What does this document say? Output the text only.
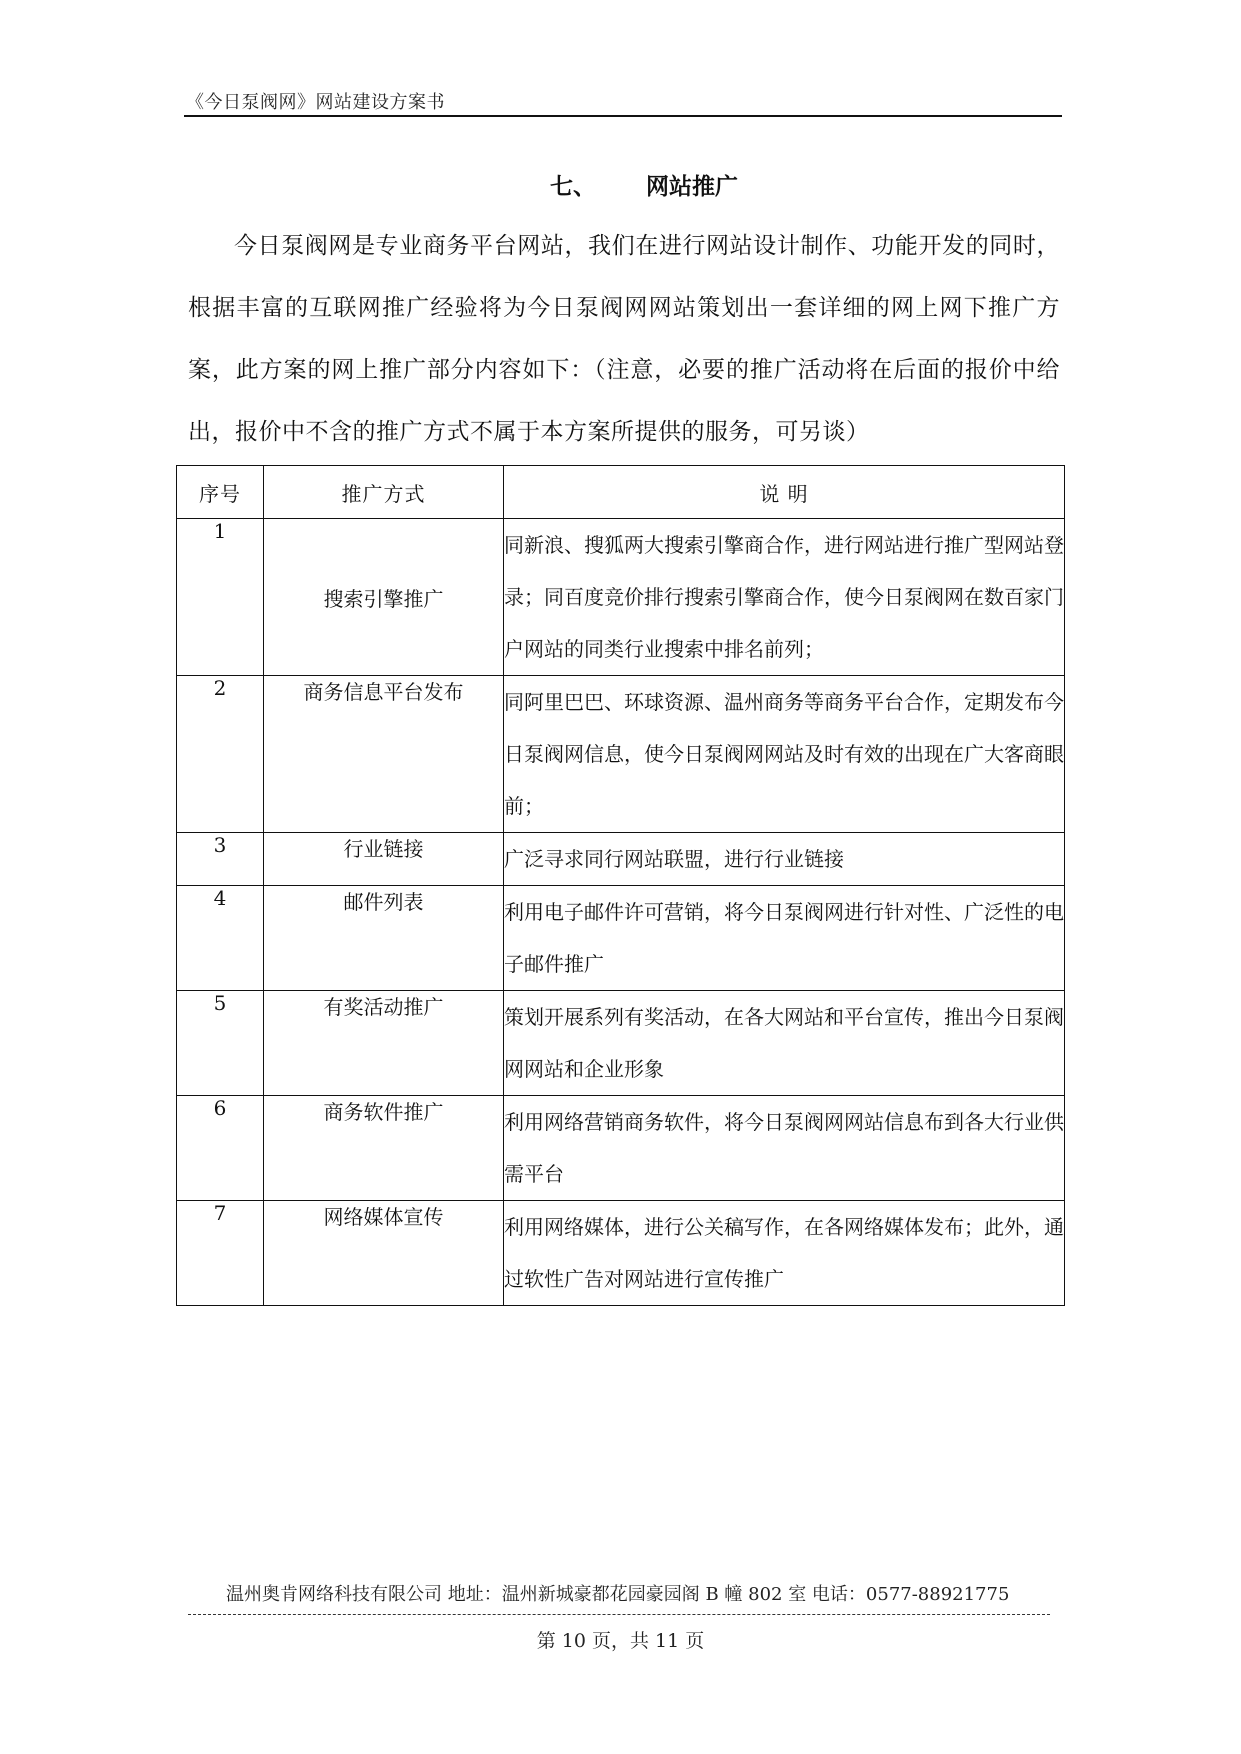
《今日泵阀网》网站建设方案书
七、	网站推广
今日泵阀网是专业商务平台网站，我们在进行网站设计制作、功能开发的同时，根据丰富的互联网推广经验将为今日泵阀网网站策划出一套详细的网上网下推广方案，此方案的网上推广部分内容如下：（注意，必要的推广活动将在后面的报价中给出，报价中不含的推广方式不属于本方案所提供的服务，可另谈）
序号	推广方式	说 明
1	搜索引擎推广	同新浪、搜狐两大搜索引擎商合作，进行网站进行推广型网站登录；同百度竞价排行搜索引擎商合作，使今日泵阀网在数百家门户网站的同类行业搜索中排名前列；
2	商务信息平台发布	同阿里巴巴、环球资源、温州商务等商务平台合作，定期发布今日泵阀网信息，使今日泵阀网网站及时有效的出现在广大客商眼前；
3	行业链接	广泛寻求同行网站联盟，进行行业链接
4	邮件列表	利用电子邮件许可营销，将今日泵阀网进行针对性、广泛性的电子邮件推广
5	有奖活动推广	策划开展系列有奖活动，在各大网站和平台宣传，推出今日泵阀网网站和企业形象
6	商务软件推广	利用网络营销商务软件，将今日泵阀网网站信息布到各大行业供需平台
7	网络媒体宣传	利用网络媒体，进行公关稿写作，在各网络媒体发布；此外，通过软性广告对网站进行宣传推广
温州奥肯网络科技有限公司 地址：温州新城豪都花园豪园阁 B 幢 802 室 电话：0577-88921775
第 10 页，共 11 页
